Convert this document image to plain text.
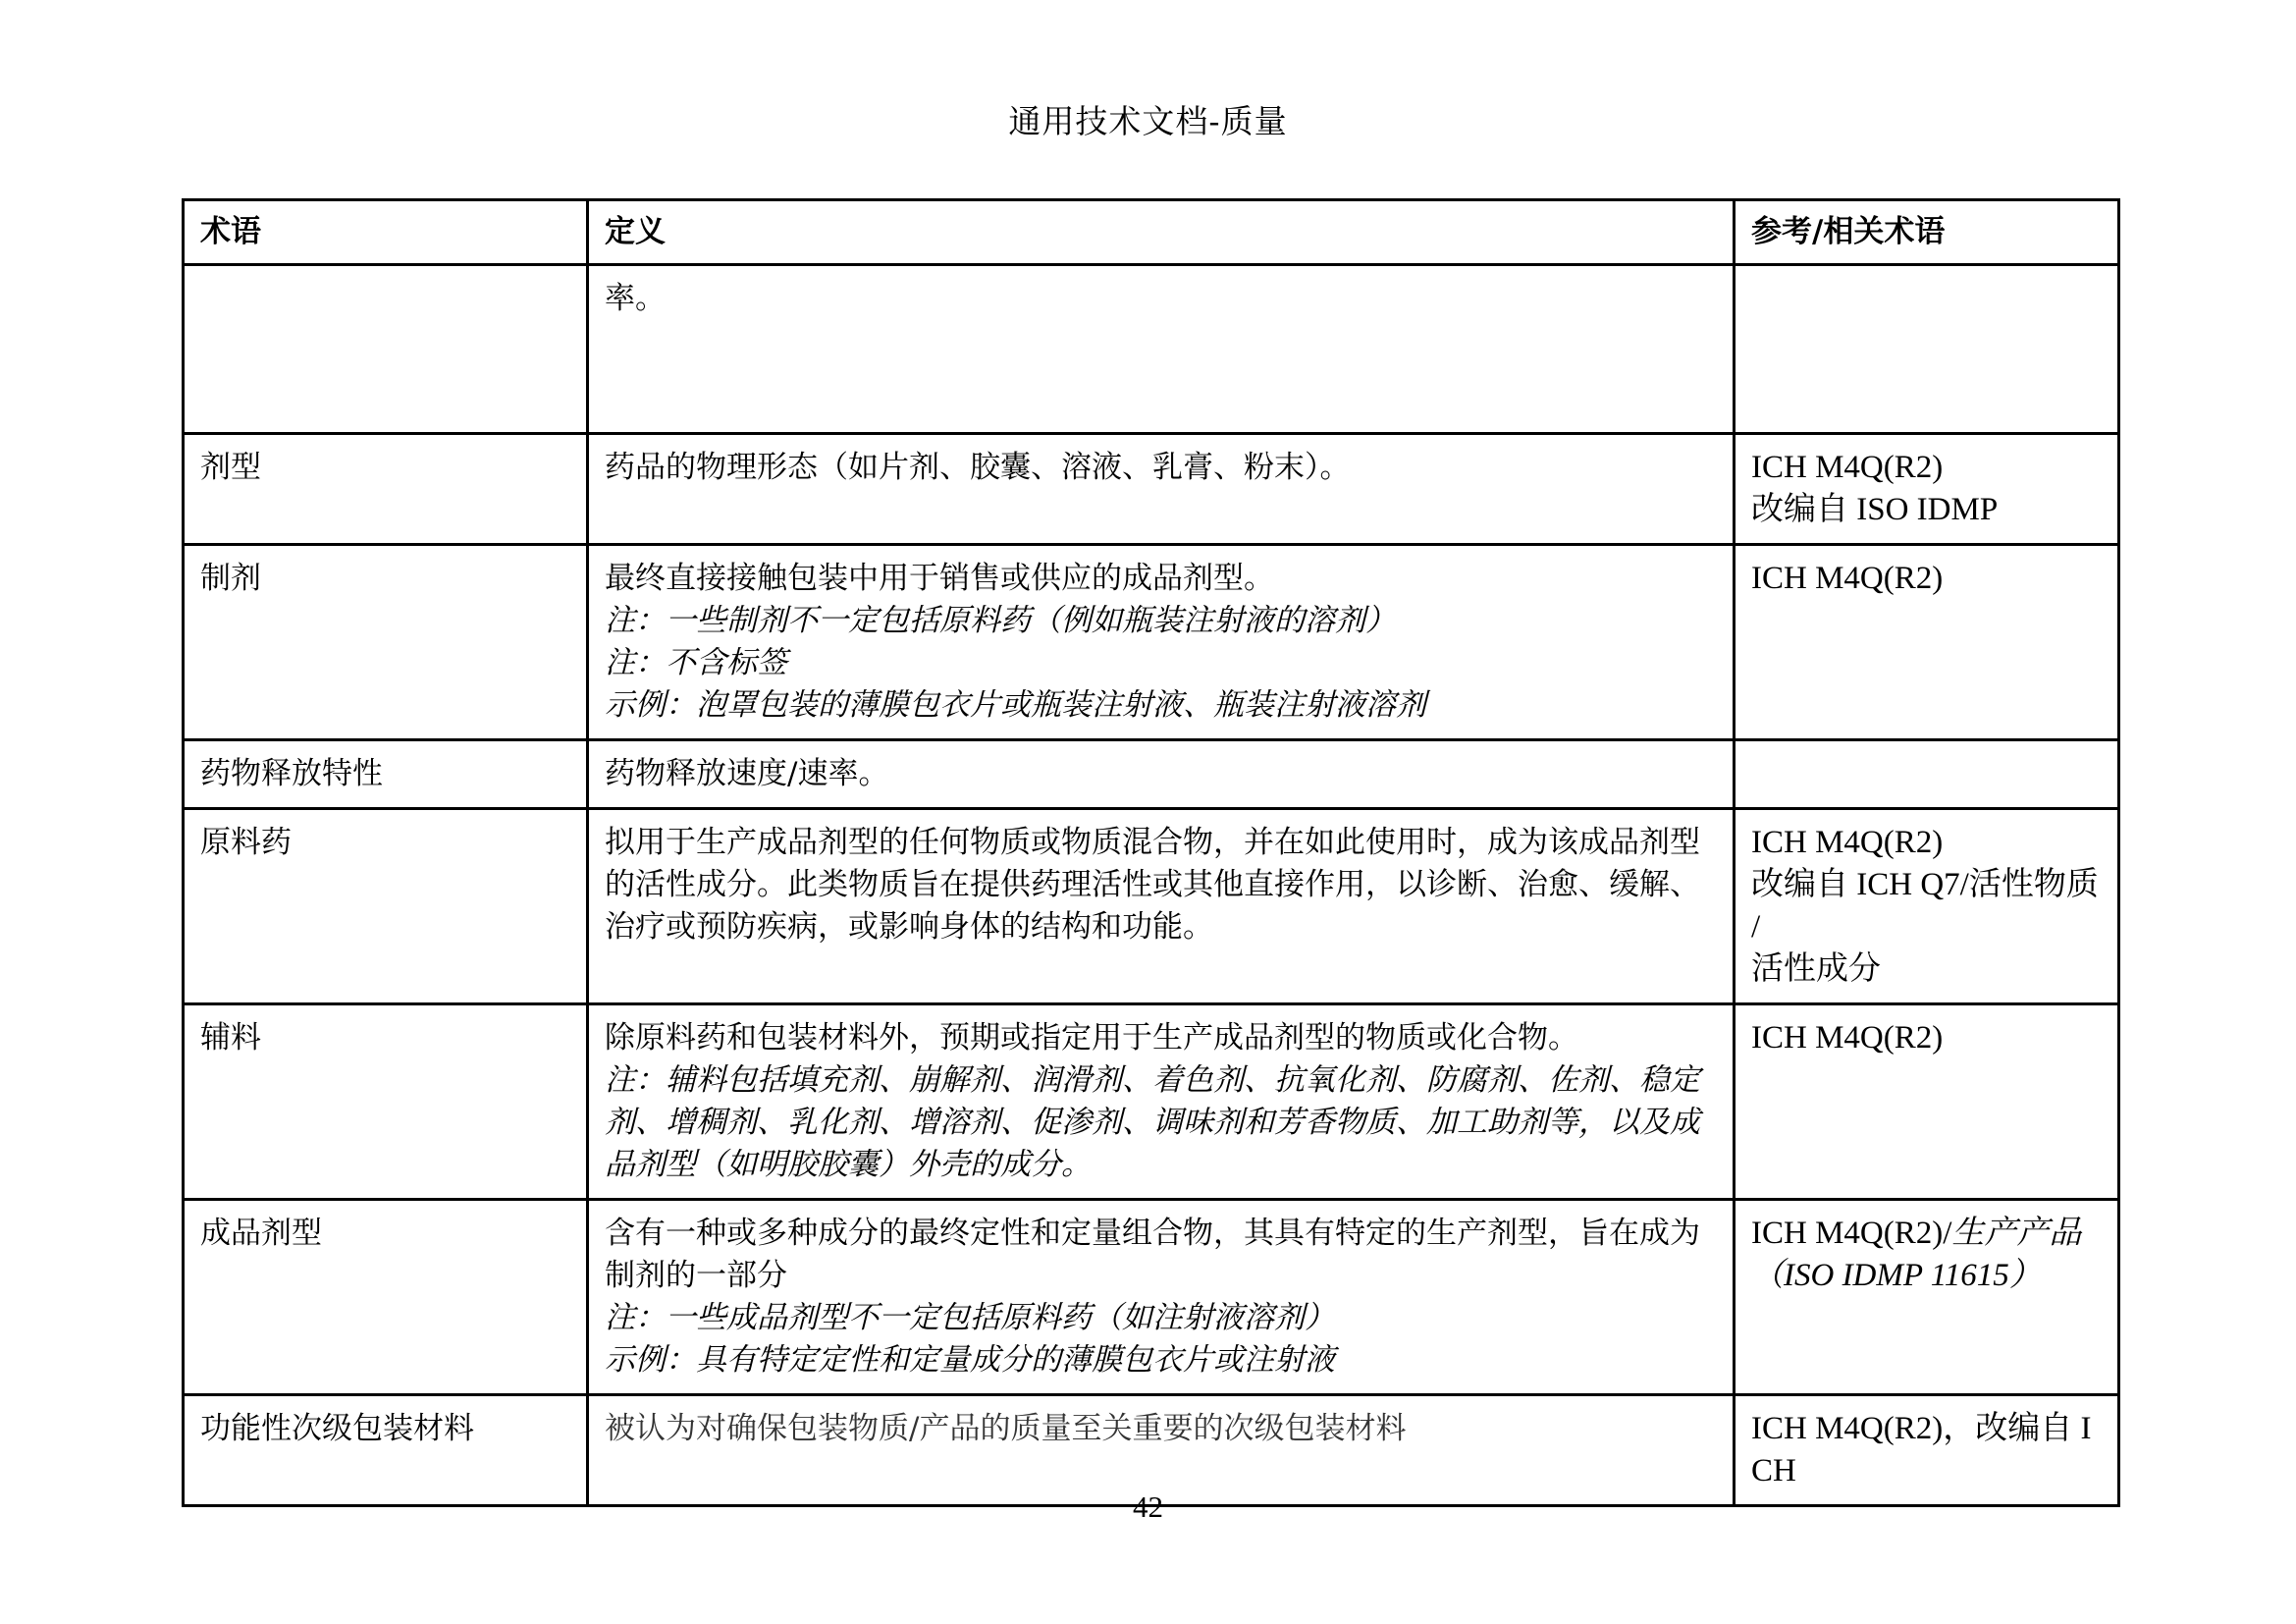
通用技术文档-质量
术语	定义	参考/相关术语

	率。	

剂型	药品的物理形态（如片剂、胶囊、溶液、乳膏、粉末）。	ICH M4Q(R2)
改编自 ISO IDMP

制剂	最终直接接触包装中用于销售或供应的成品剂型。
注：一些制剂不一定包括原料药（例如瓶装注射液的溶剂）
注：不含标签
示例：泡罩包装的薄膜包衣片或瓶装注射液、瓶装注射液溶剂	ICH M4Q(R2)

药物释放特性	药物释放速度/速率。	

原料药	拟用于生产成品剂型的任何物质或物质混合物，并在如此使用时，成为该成品剂型的活性成分。此类物质旨在提供药理活性或其他直接作用，以诊断、治愈、缓解、治疗或预防疾病，或影响身体的结构和功能。	ICH M4Q(R2)
改编自 ICH Q7/活性物质
/
活性成分

辅料	除原料药和包装材料外，预期或指定用于生产成品剂型的物质或化合物。
注：辅料包括填充剂、崩解剂、润滑剂、着色剂、抗氧化剂、防腐剂、佐剂、稳定剂、增稠剂、乳化剂、增溶剂、促渗剂、调味剂和芳香物质、加工助剂等，以及成品剂型（如明胶胶囊）外壳的成分。	ICH M4Q(R2)

成品剂型	含有一种或多种成分的最终定性和定量组合物，其具有特定的生产剂型，旨在成为制剂的一部分
注：一些成品剂型不一定包括原料药（如注射液溶剂）
示例：具有特定定性和定量成分的薄膜包衣片或注射液	ICH M4Q(R2)/生产产品（ISO IDMP 11615）
功能性次级包装材料	被认为对确保包装物质/产品的质量至关重要的次级包装材料	ICH M4Q(R2)，改编自 ICH
42
